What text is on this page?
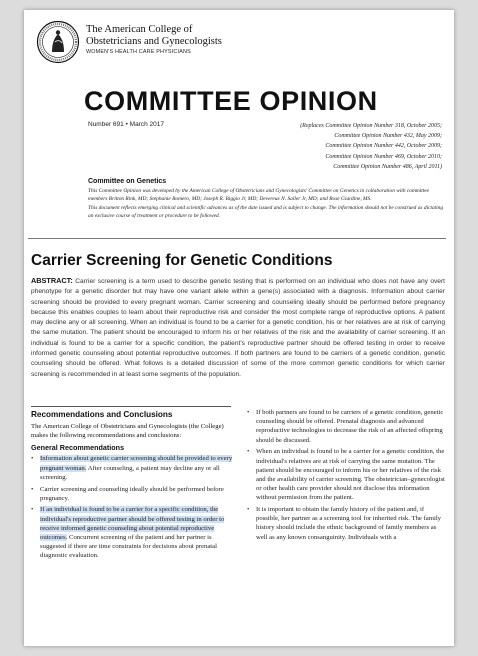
The American College of
Obstetricians and Gynecologists
WOMEN'S HEALTH CARE PHYSICIANS
COMMITTEE OPINION
Number 691 • March 2017	(Replaces Committee Opinion Number 318, October 2005;
Committee Opinion Number 432, May 2009;
Committee Opinion Number 442, October 2009;
Committee Opinion Number 469, October 2010;
Committee Opinion Number 486, April 2011)
Committee on Genetics

This Committee Opinion was developed by the American College of Obstetricians and Gynecologists' Committee on Genetics in collaboration with committee members Britton Rink, MD; Stephanie Romero, MD; Joseph R. Biggio Jr, MD; Devereux N. Saller Jr, MD; and Rose Giardine, MS.

This document reflects emerging clinical and scientific advances as of the date issued and is subject to change. The information should not be construed as dictating an exclusive course of treatment or procedure to be followed.

Carrier Screening for Genetic Conditions
ABSTRACT: Carrier screening is a term used to describe genetic testing that is performed on an individual who does not have any overt phenotype for a genetic disorder but may have one variant allele within a gene(s) associated with a diagnosis. Information about carrier screening should be provided to every pregnant woman. Carrier screening and counseling ideally should be performed before pregnancy because this enables couples to learn about their reproductive risk and consider the most complete range of reproductive options. A patient may decline any or all screening. When an individual is found to be a carrier for a genetic condition, his or her relatives are at risk of carrying the same mutation. The patient should be encouraged to inform his or her relatives of the risk and the availability of carrier screening. If an individual is found to be a carrier for a specific condition, the patient's reproductive partner should be offered testing in order to receive informed genetic counseling about potential reproductive outcomes. If both partners are found to be carriers of a genetic condition, genetic counseling should be offered. What follows is a detailed discussion of some of the more common genetic conditions for which carrier screening is recommended in at least some segments of the population.
Recommendations and Conclusions
The American College of Obstetricians and Gynecologists (the College) makes the following recommendations and conclusions:
General Recommendations
• Information about genetic carrier screening should be provided to every pregnant woman. After counseling, a patient may decline any or all screening.
• Carrier screening and counseling ideally should be performed before pregnancy.
• If an individual is found to be a carrier for a specific condition, the individual's reproductive partner should be offered testing in order to receive informed genetic counseling about potential reproductive outcomes. Concurrent screening of the patient and her partner is suggested if there are time constraints for decisions about prenatal diagnostic evaluation.
• If both partners are found to be carriers of a genetic condition, genetic counseling should be offered. Prenatal diagnosis and advanced reproductive technologies to decrease the risk of an affected offspring should be discussed.
• When an individual is found to be a carrier for a genetic condition, the individual's relatives are at risk of carrying the same mutation. The patient should be encouraged to inform his or her relatives of the risk and the availability of carrier screening. The obstetrician–gynecologist or other health care provider should not disclose this information without permission from the patient.
• It is important to obtain the family history of the patient and, if possible, her partner as a screening tool for inherited risk. The family history should include the ethnic background of family members as well as any known consanguinity. Individuals with a
